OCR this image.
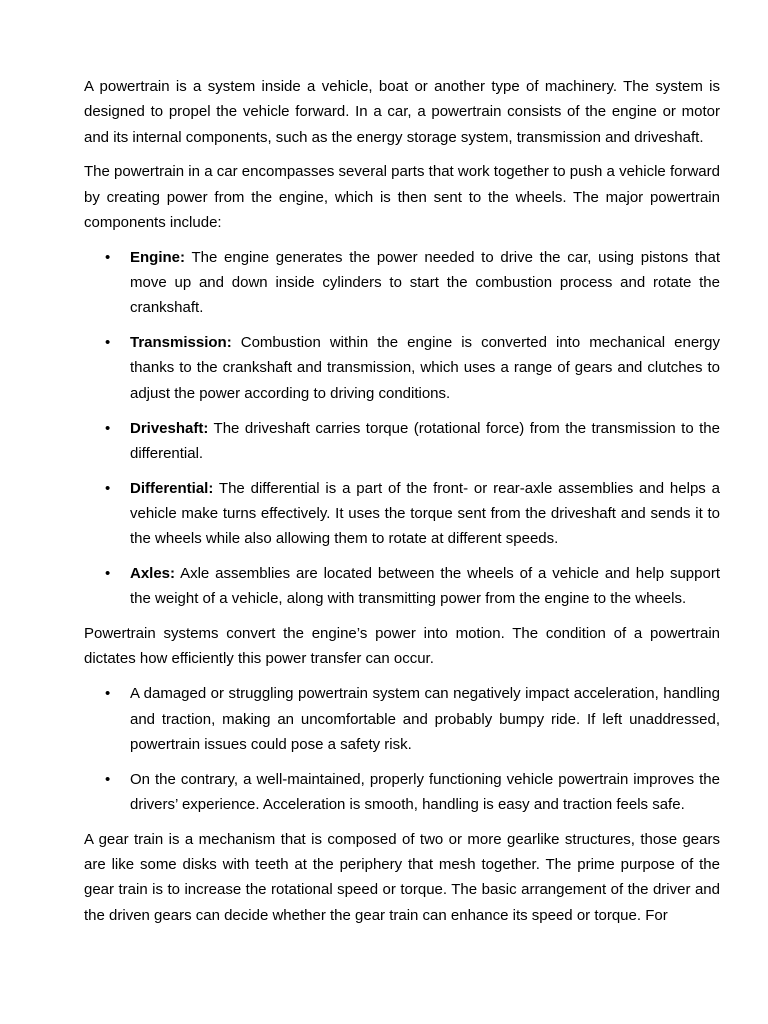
A powertrain is a system inside a vehicle, boat or another type of machinery. The system is designed to propel the vehicle forward. In a car, a powertrain consists of the engine or motor and its internal components, such as the energy storage system, transmission and driveshaft.

The powertrain in a car encompasses several parts that work together to push a vehicle forward by creating power from the engine, which is then sent to the wheels. The major powertrain components include:

• Engine: The engine generates the power needed to drive the car, using pistons that move up and down inside cylinders to start the combustion process and rotate the crankshaft.
• Transmission: Combustion within the engine is converted into mechanical energy thanks to the crankshaft and transmission, which uses a range of gears and clutches to adjust the power according to driving conditions.
• Driveshaft: The driveshaft carries torque (rotational force) from the transmission to the differential.
• Differential: The differential is a part of the front- or rear-axle assemblies and helps a vehicle make turns effectively. It uses the torque sent from the driveshaft and sends it to the wheels while also allowing them to rotate at different speeds.
• Axles: Axle assemblies are located between the wheels of a vehicle and help support the weight of a vehicle, along with transmitting power from the engine to the wheels.

Powertrain systems convert the engine’s power into motion. The condition of a powertrain dictates how efficiently this power transfer can occur.

• A damaged or struggling powertrain system can negatively impact acceleration, handling and traction, making an uncomfortable and probably bumpy ride. If left unaddressed, powertrain issues could pose a safety risk.
• On the contrary, a well-maintained, properly functioning vehicle powertrain improves the drivers’ experience. Acceleration is smooth, handling is easy and traction feels safe.

A gear train is a mechanism that is composed of two or more gearlike structures, those gears are like some disks with teeth at the periphery that mesh together. The prime purpose of the gear train is to increase the rotational speed or torque. The basic arrangement of the driver and the driven gears can decide whether the gear train can enhance its speed or torque. For
